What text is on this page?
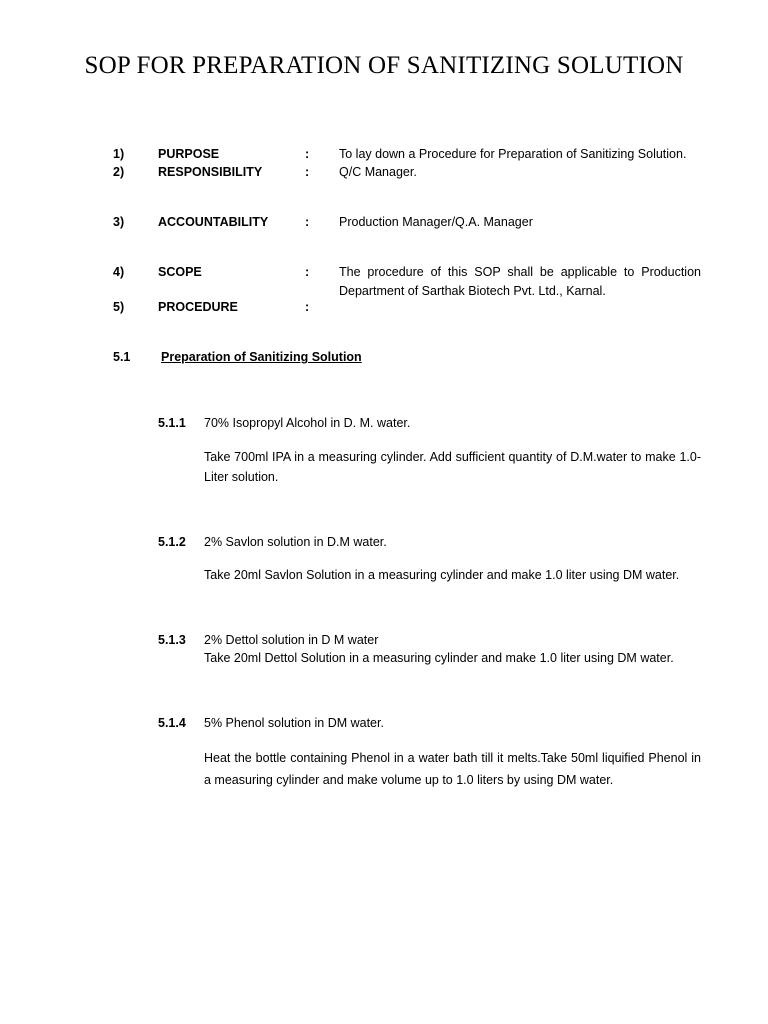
SOP FOR PREPARATION OF SANITIZING SOLUTION
1)	PURPOSE	: To lay down a Procedure for Preparation of Sanitizing Solution.
2)	RESPONSIBILITY	: Q/C Manager.
3)	ACCOUNTABILITY	: Production Manager/Q.A. Manager
4)	SCOPE	: The procedure of this SOP shall be applicable to Production Department of Sarthak Biotech Pvt. Ltd., Karnal.
5)	PROCEDURE	:
5.1 Preparation of Sanitizing Solution
5.1.1 70% Isopropyl Alcohol in D. M. water.
Take 700ml IPA in a measuring cylinder. Add sufficient quantity of D.M.water to make 1.0-Liter solution.
5.1.2 2% Savlon solution in D.M water.
Take 20ml Savlon Solution in a measuring cylinder and make 1.0 liter using DM water.
5.1.3 2% Dettol solution in D M water
Take 20ml Dettol Solution in a measuring cylinder and make 1.0 liter using DM water.
5.1.4 5% Phenol solution in DM water.
Heat the bottle containing Phenol in a water bath till it melts.Take 50ml liquified Phenol in a measuring cylinder and make volume up to 1.0 liters by using DM water.
